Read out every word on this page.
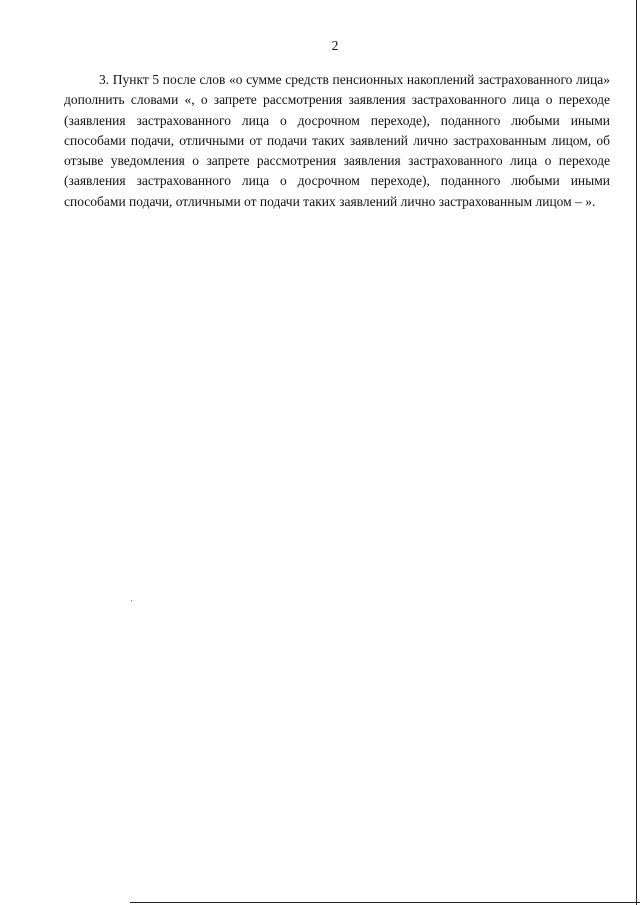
2

3. Пункт 5 после слов «о сумме средств пенсионных накоплений застрахованного лица» дополнить словами «, о запрете рассмотрения заявления застрахованного лица о переходе (заявления застрахованного лица о досрочном переходе), поданного любыми иными способами подачи, отличными от подачи таких заявлений лично застрахованным лицом, об отзыве уведомления о запрете рассмотрения заявления застрахованного лица о переходе (заявления застрахованного лица о досрочном переходе), поданного любыми иными способами подачи, отличными от подачи таких заявлений лично застрахованным лицом – ».
